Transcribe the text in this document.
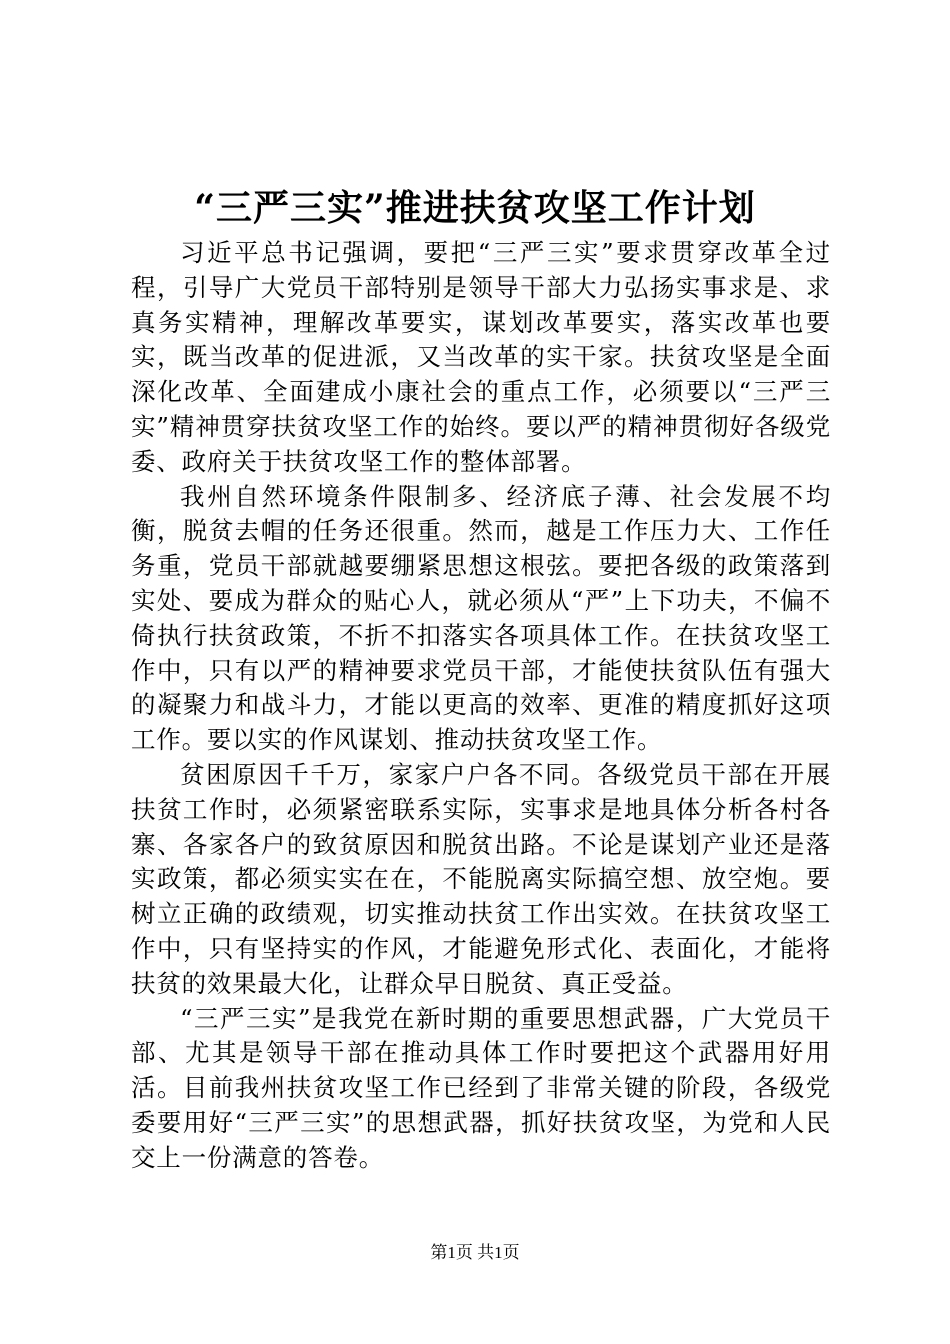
“三严三实”推进扶贫攻坚工作计划

习近平总书记强调，要把“三严三实”要求贯穿改革全过程，引导广大党员干部特别是领导干部大力弘扬实事求是、求真务实精神，理解改革要实，谋划改革要实，落实改革也要实，既当改革的促进派，又当改革的实干家。扶贫攻坚是全面深化改革、全面建成小康社会的重点工作，必须要以“三严三实”精神贯穿扶贫攻坚工作的始终。要以严的精神贯彻好各级党委、政府关于扶贫攻坚工作的整体部署。

我州自然环境条件限制多、经济底子薄、社会发展不均衡，脱贫去帽的任务还很重。然而，越是工作压力大、工作任务重，党员干部就越要绷紧思想这根弦。要把各级的政策落到实处、要成为群众的贴心人，就必须从“严”上下功夫，不偏不倚执行扶贫政策，不折不扣落实各项具体工作。在扶贫攻坚工作中，只有以严的精神要求党员干部，才能使扶贫队伍有强大的凝聚力和战斗力，才能以更高的效率、更准的精度抓好这项工作。要以实的作风谋划、推动扶贫攻坚工作。

贫困原因千千万，家家户户各不同。各级党员干部在开展扶贫工作时，必须紧密联系实际，实事求是地具体分析各村各寨、各家各户的致贫原因和脱贫出路。不论是谋划产业还是落实政策，都必须实实在在，不能脱离实际搞空想、放空炮。要树立正确的政绩观，切实推动扶贫工作出实效。在扶贫攻坚工作中，只有坚持实的作风，才能避免形式化、表面化，才能将扶贫的效果最大化，让群众早日脱贫、真正受益。

“三严三实”是我党在新时期的重要思想武器，广大党员干部、尤其是领导干部在推动具体工作时要把这个武器用好用活。目前我州扶贫攻坚工作已经到了非常关键的阶段，各级党委要用好“三严三实”的思想武器，抓好扶贫攻坚，为党和人民交上一份满意的答卷。

第1页 共1页
